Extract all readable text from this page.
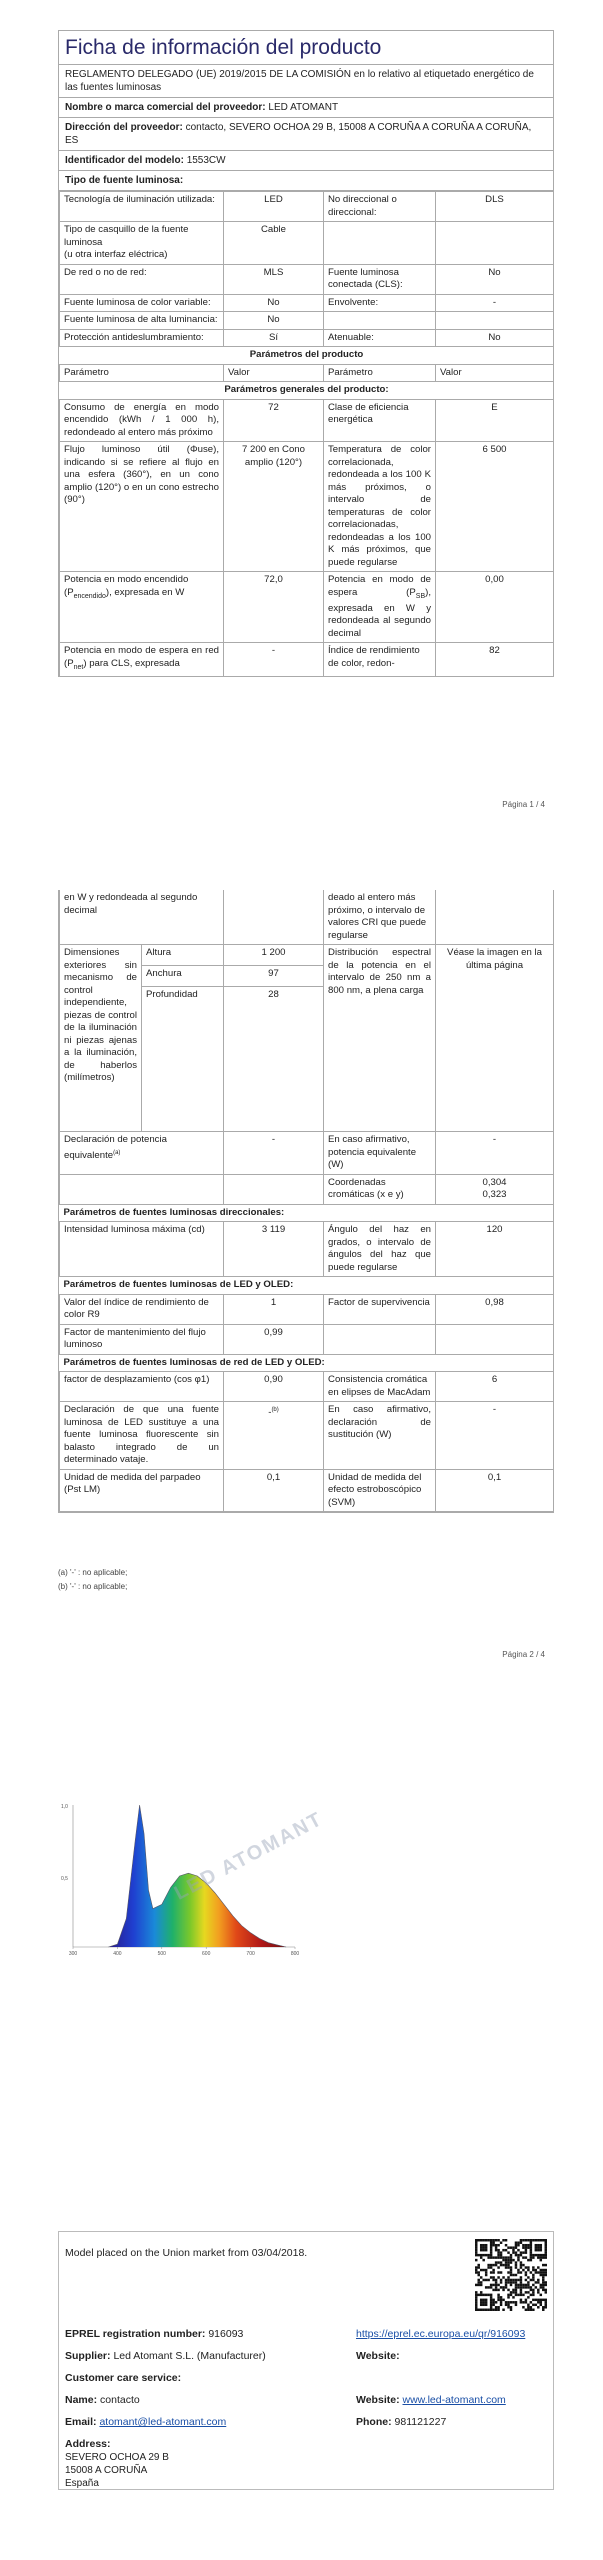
Ficha de información del producto
REGLAMENTO DELEGADO (UE) 2019/2015 DE LA COMISIÓN en lo relativo al etiquetado energético de las fuentes luminosas
Nombre o marca comercial del proveedor: LED ATOMANT
Dirección del proveedor: contacto, SEVERO OCHOA 29 B, 15008 A CORUÑA A CORUÑA A CORUÑA, ES
Identificador del modelo: 1553CW
Tipo de fuente luminosa:
Tecnología de iluminación utilizada:	LED	No direccional o direccional:	DLS

Tipo de casquillo de la fuente luminosa
(u otra interfaz eléctrica)	Cable		
De red o no de red:	MLS	Fuente luminosa conectada (CLS):	No
Fuente luminosa de color variable:	No	Envolvente:	-
Fuente luminosa de alta luminancia:	No		
Protección antideslumbramiento:	Sí	Atenuable:	No
Parámetros del producto			
Parámetro	Valor	Parámetro	Valor
Parámetros generales del producto:			
Consumo de energía en modo encendido (kWh / 1 000 h), redondeado al entero más próximo	72	Clase de eficiencia energética	E
Flujo luminoso útil (Φuse), indicando si se refiere al flujo en una esfera (360°), en un cono amplio (120°) o en un cono estrecho (90°)	7 200 en Cono amplio (120°)	Temperatura de color correlacionada, redondeada a los 100 K más próximos, o intervalo de temperaturas de color correlacionadas, redondeadas a los 100 K más próximos, que puede regularse	6 500
Potencia en modo encendido $(P_{encendido})$, expresada en W	72,0	Potencia en modo de espera $(P_{SB})$, expresada en W y redondeada al segundo decimal	0,00
Potencia en modo de espera en red $(P_{net})$ para CLS, expresada	-	Índice de rendimiento de color, redon-	82
Página 1 / 4
en W y redondeada al segundo decimal			deado al entero más próximo, o intervalo de valores CRI que puede regularse	
Dimensiones exteriores sin mecanismo de control independiente, piezas de control de la iluminación ni piezas ajenas a la iluminación, de haberlos (milímetros)	Altura	1 200	Distribución espectral de la potencia en el intervalo de 250 nm a 800 nm, a plena carga	Véase la imagen en la última página
	Anchura	97		
	Profundidad	28		
Declaración de potencia equivalente$^{(a)}$		-	En caso afirmativo, potencia equivalente (W)	-
			Coordenadas cromáticas (x e y)	0,304
0,323

Parámetros de fuentes luminosas direccionales:				
Intensidad luminosa máxima (cd)		3 119	Ángulo del haz en grados, o intervalo de ángulos del haz que puede regularse	120
Parámetros de fuentes luminosas de LED y OLED:				
Valor del índice de rendimiento de color R9		1	Factor de supervivencia	0,98
Factor de mantenimiento del flujo luminoso		0,99		
Parámetros de fuentes luminosas de red de LED y OLED:				
factor de desplazamiento (cos φ1)		0,90	Consistencia cromática en elipses de MacAdam	6
Declaración de que una fuente luminosa de LED sustituye a una fuente luminosa fluorescente sin balasto integrado de un determinado vataje.		-$^{(b)}$	En caso afirmativo, declaración de sustitución (W)	-
Unidad de medida del parpadeo (Pst LM)		0,1	Unidad de medida del efecto estroboscópico (SVM)	0,1
(a) '-' : no aplicable;
(b) '-' : no aplicable;
Página 2 / 4
LED ATOMANT
1,0
0,5
300	400	500	600	700	800
Model placed on the Union market from 03/04/2018.
EPREL registration number: 916093	https://eprel.ec.europa.eu/qr/916093
Supplier: Led Atomant S.L. (Manufacturer)	Website:
Customer care service:
Name: contacto	Website: www.led-atomant.com
Email: atomant@led-atomant.com	Phone: 981121227
Address:
SEVERO OCHOA 29 B
15008 A CORUÑA
España
